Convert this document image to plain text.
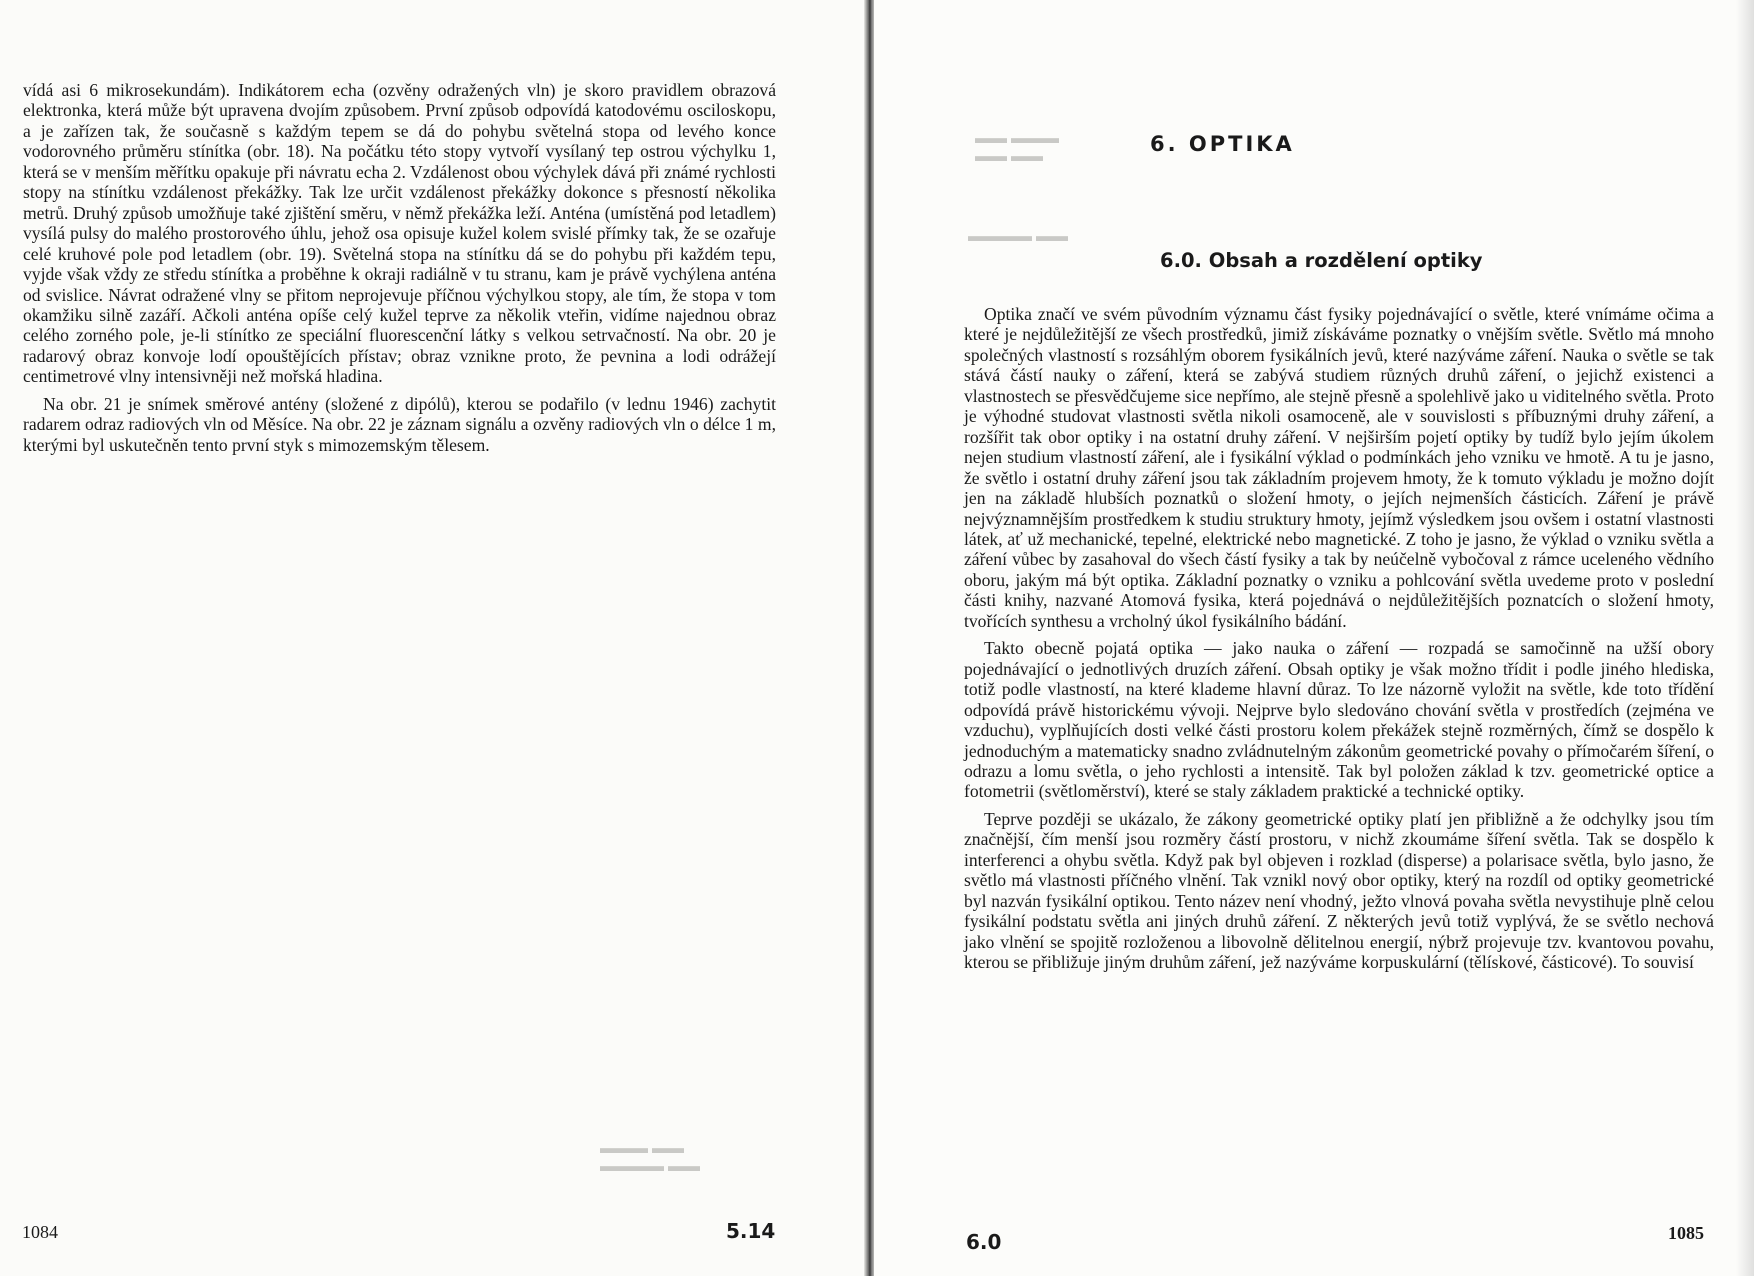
vídá asi 6 mikrosekundám). Indikátorem echa (ozvěny odražených vln) je skoro pravidlem obrazová elektronka, která může být upravena dvojím způsobem. První způsob odpovídá katodovému osciloskopu, a je zařízen tak, že současně s každým tepem se dá do pohybu světelná stopa od levého konce vodorovného průměru stínítka (obr. 18). Na počátku této stopy vytvoří vysílaný tep ostrou výchylku 1, která se v menším měřítku opakuje při návratu echa 2. Vzdálenost obou výchylek dává při známé rychlosti stopy na stínítku vzdálenost překážky. Tak lze určit vzdálenost překážky dokonce s přesností několika metrů. Druhý způsob umožňuje také zjištění směru, v němž překážka leží. Anténa (umístěná pod letadlem) vysílá pulsy do malého prostorového úhlu, jehož osa opisuje kužel kolem svislé přímky tak, že se ozařuje celé kruhové pole pod letadlem (obr. 19). Světelná stopa na stínítku dá se do pohybu při každém tepu, vyjde však vždy ze středu stínítka a proběhne k okraji radiálně v tu stranu, kam je právě vychýlena anténa od svislice. Návrat odražené vlny se přitom neprojevuje příčnou výchylkou stopy, ale tím, že stopa v tom okamžiku silně zazáří. Ačkoli anténa opíše celý kužel teprve za několik vteřin, vidíme najednou obraz celého zorného pole, je-li stínítko ze speciální fluorescenční látky s velkou setrvačností. Na obr. 20 je radarový obraz konvoje lodí opouštějících přístav; obraz vznikne proto, že pevnina a lodi odrážejí centimetrové vlny intensivněji než mořská hladina.

Na obr. 21 je snímek směrové antény (složené z dipólů), kterou se podařilo (v lednu 1946) zachytit radarem odraz radiových vln od Měsíce. Na obr. 22 je záznam signálu a ozvěny radiových vln o délce 1 m, kterými byl uskutečněn tento první styk s mimozemským tělesem.

1084	5.14
▬▬ ▬▬▬
▬▬ ▬▬
▬▬▬▬ ▬▬
▬▬▬ ▬▬
▬▬▬▬ ▬▬
6. OPTIKA
6.0. Obsah a rozdělení optiky

Optika značí ve svém původním významu část fysiky pojednávající o světle, které vnímáme očima a které je nejdůležitější ze všech prostředků, jimiž získáváme poznatky o vnějším světle. Světlo má mnoho společných vlastností s rozsáhlým oborem fysikálních jevů, které nazýváme záření. Nauka o světle se tak stává částí nauky o záření, která se zabývá studiem různých druhů záření, o jejichž existenci a vlastnostech se přesvědčujeme sice nepřímo, ale stejně přesně a spolehlivě jako u viditelného světla. Proto je výhodné studovat vlastnosti světla nikoli osamoceně, ale v souvislosti s příbuznými druhy záření, a rozšířit tak obor optiky i na ostatní druhy záření. V nejširším pojetí optiky by tudíž bylo jejím úkolem nejen studium vlastností záření, ale i fysikální výklad o podmínkách jeho vzniku ve hmotě. A tu je jasno, že světlo i ostatní druhy záření jsou tak základním projevem hmoty, že k tomuto výkladu je možno dojít jen na základě hlubších poznatků o složení hmoty, o jejích nejmenších částicích. Záření je právě nejvýznamnějším prostředkem k studiu struktury hmoty, jejímž výsledkem jsou ovšem i ostatní vlastnosti látek, ať už mechanické, tepelné, elektrické nebo magnetické. Z toho je jasno, že výklad o vzniku světla a záření vůbec by zasahoval do všech částí fysiky a tak by neúčelně vybočoval z rámce uceleného vědního oboru, jakým má být optika. Základní poznatky o vzniku a pohlcování světla uvedeme proto v poslední části knihy, nazvané Atomová fysika, která pojednává o nejdůležitějších poznatcích o složení hmoty, tvořících synthesu a vrcholný úkol fysikálního bádání.

Takto obecně pojatá optika — jako nauka o záření — rozpadá se samočinně na užší obory pojednávající o jednotlivých druzích záření. Obsah optiky je však možno třídit i podle jiného hlediska, totiž podle vlastností, na které klademe hlavní důraz. To lze názorně vyložit na světle, kde toto třídění odpovídá právě historickému vývoji. Nejprve bylo sledováno chování světla v prostředích (zejména ve vzduchu), vyplňujících dosti velké části prostoru kolem překážek stejně rozměrných, čímž se dospělo k jednoduchým a matematicky snadno zvládnutelným zákonům geometrické povahy o přímočarém šíření, o odrazu a lomu světla, o jeho rychlosti a intensitě. Tak byl položen základ k tzv. geometrické optice a fotometrii (světloměrství), které se staly základem praktické a technické optiky.

Teprve později se ukázalo, že zákony geometrické optiky platí jen přibližně a že odchylky jsou tím značnější, čím menší jsou rozměry částí prostoru, v nichž zkoumáme šíření světla. Tak se dospělo k interferenci a ohybu světla. Když pak byl objeven i rozklad (disperse) a polarisace světla, bylo jasno, že světlo má vlastnosti příčného vlnění. Tak vznikl nový obor optiky, který na rozdíl od optiky geometrické byl nazván fysikální optikou. Tento název není vhodný, ježto vlnová povaha světla nevystihuje plně celou fysikální podstatu světla ani jiných druhů záření. Z některých jevů totiž vyplývá, že se světlo nechová jako vlnění se spojitě rozloženou a libovolně dělitelnou energií, nýbrž projevuje tzv. kvantovou povahu, kterou se přibližuje jiným druhům záření, jež nazýváme korpuskulární (tělískové, částicové). To souvisí

6.0	1085
